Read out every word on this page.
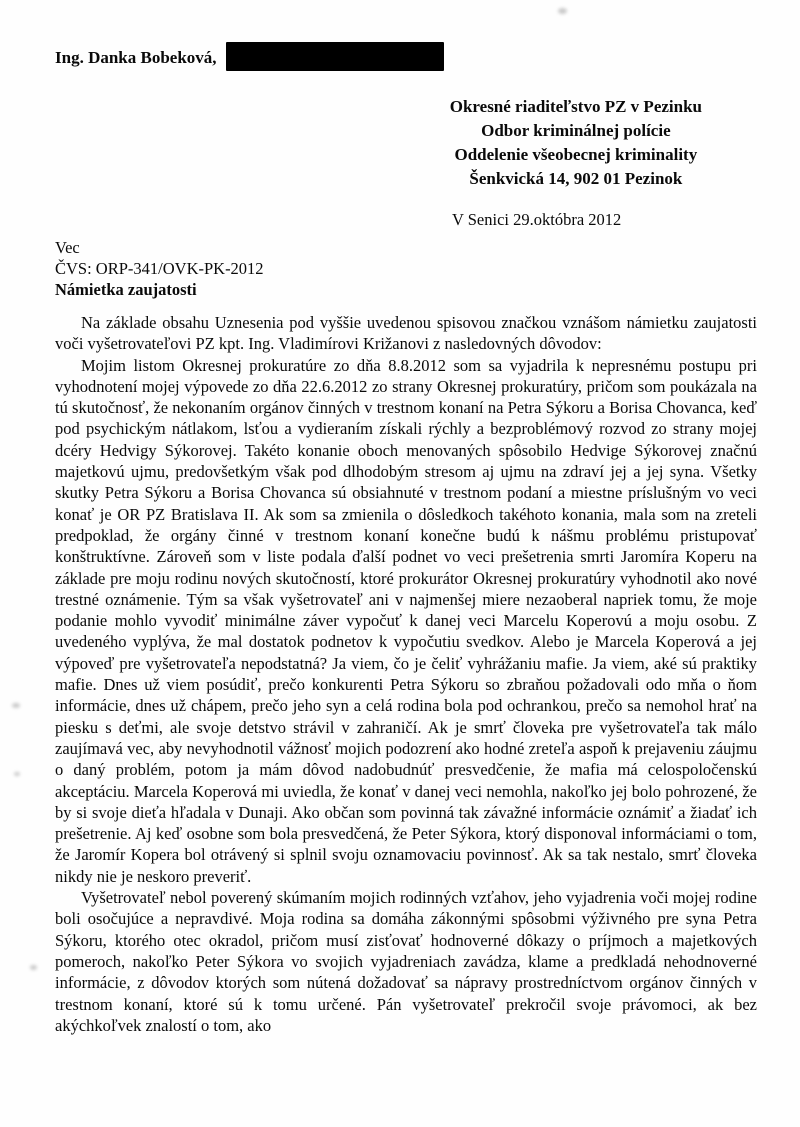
Ing. Danka Bobeková,
Okresné riaditeľstvo PZ v Pezinku
Odbor kriminálnej polície
Oddelenie všeobecnej kriminality
Šenkvická 14, 902 01 Pezinok
V Senici 29.októbra 2012
Vec
ČVS: ORP-341/OVK-PK-2012
Námietka zaujatosti

Na základe obsahu Uznesenia pod vyššie uvedenou spisovou značkou vznášom námietku zaujatosti voči vyšetrovateľovi PZ kpt. Ing. Vladimírovi Križanovi z nasledovných dôvodov:

Mojim listom Okresnej prokuratúre zo dňa 8.8.2012 som sa vyjadrila k nepresnému postupu pri vyhodnotení mojej výpovede zo dňa 22.6.2012 zo strany Okresnej prokuratúry, pričom som poukázala na tú skutočnosť, že nekonaním orgánov činných v trestnom konaní na Petra Sýkoru a Borisa Chovanca, keď pod psychickým nátlakom, lsťou a vydieraním získali rýchly a bezproblémový rozvod zo strany mojej dcéry Hedvigy Sýkorovej. Takéto konanie oboch menovaných spôsobilo Hedvige Sýkorovej značnú majetkovú ujmu, predovšetkým však pod dlhodobým stresom aj ujmu na zdraví jej a jej syna. Všetky skutky Petra Sýkoru a Borisa Chovanca sú obsiahnuté v trestnom podaní a miestne príslušným vo veci konať je OR PZ Bratislava II. Ak som sa zmienila o dôsledkoch takéhoto konania, mala som na zreteli predpoklad, že orgány činné v trestnom konaní konečne budú k nášmu problému pristupovať konštruktívne. Zároveň som v liste podala ďalší podnet vo veci prešetrenia smrti Jaromíra Koperu na základe pre moju rodinu nových skutočností, ktoré prokurátor Okresnej prokuratúry vyhodnotil ako nové trestné oznámenie. Tým sa však vyšetrovateľ ani v najmenšej miere nezaoberal napriek tomu, že moje podanie mohlo vyvodiť minimálne záver vypočuť k danej veci Marcelu Koperovú a moju osobu. Z uvedeného vyplýva, že mal dostatok podnetov k vypočutiu svedkov. Alebo je Marcela Koperová a jej výpoveď pre vyšetrovateľa nepodstatná? Ja viem, čo je čeliť vyhrážaniu mafie. Ja viem, aké sú praktiky mafie. Dnes už viem posúdiť, prečo konkurenti Petra Sýkoru so zbraňou požadovali odo mňa o ňom informácie, dnes už chápem, prečo jeho syn a celá rodina bola pod ochrankou, prečo sa nemohol hrať na piesku s deťmi, ale svoje detstvo strávil v zahraničí. Ak je smrť človeka pre vyšetrovateľa tak málo zaujímavá vec, aby nevyhodnotil vážnosť mojich podozrení ako hodné zreteľa aspoň k prejaveniu záujmu o daný problém, potom ja mám dôvod nadobudnúť presvedčenie, že mafia má celospoločenskú akceptáciu. Marcela Koperová mi uviedla, že konať v danej veci nemohla, nakoľko jej bolo pohrozené, že by si svoje dieťa hľadala v Dunaji. Ako občan som povinná tak závažné informácie oznámiť a žiadať ich prešetrenie. Aj keď osobne som bola presvedčená, že Peter Sýkora, ktorý disponoval informáciami o tom, že Jaromír Kopera bol otrávený si splnil svoju oznamovaciu povinnosť. Ak sa tak nestalo, smrť človeka nikdy nie je neskoro preveriť.

Vyšetrovateľ nebol poverený skúmaním mojich rodinných vzťahov, jeho vyjadrenia voči mojej rodine boli osočujúce a nepravdivé. Moja rodina sa domáha zákonnými spôsobmi výživného pre syna Petra Sýkoru, ktorého otec okradol, pričom musí zisťovať hodnoverné dôkazy o príjmoch a majetkových pomeroch, nakoľko Peter Sýkora vo svojich vyjadreniach zavádza, klame a predkladá nehodnoverné informácie, z dôvodov ktorých som nútená dožadovať sa nápravy prostredníctvom orgánov činných v trestnom konaní, ktoré sú k tomu určené. Pán vyšetrovateľ prekročil svoje právomoci, ak bez akýchkoľvek znalostí o tom, ako
